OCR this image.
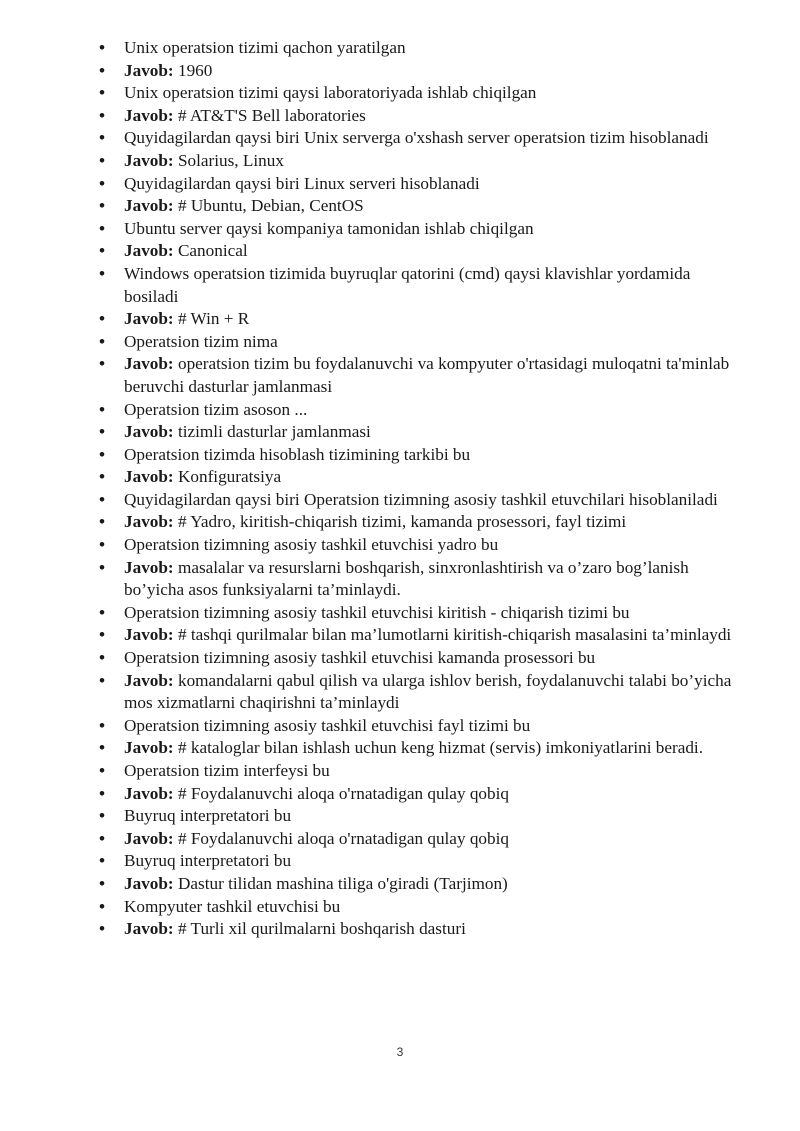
•	Unix operatsion tizimi qachon yaratilgan
•	Javob: 1960
•	Unix operatsion tizimi qaysi laboratoriyada ishlab chiqilgan
•	Javob: # AT&T'S Bell laboratories
•	Quyidagilardan qaysi biri Unix serverga o'xshash server operatsion tizim hisoblanadi
•	Javob: Solarius, Linux
•	Quyidagilardan qaysi biri Linux serveri hisoblanadi
•	Javob: # Ubuntu, Debian, CentOS
•	Ubuntu server qaysi kompaniya tamonidan ishlab chiqilgan
•	Javob: Canonical
•	Windows operatsion tizimida buyruqlar qatorini (cmd) qaysi klavishlar yordamida bosiladi
•	Javob: # Win + R
•	Operatsion tizim nima
•	Javob: operatsion tizim bu foydalanuvchi va kompyuter o'rtasidagi muloqatni ta'minlab beruvchi dasturlar jamlanmasi
•	Operatsion tizim asoson ...
•	Javob: tizimli dasturlar jamlanmasi
•	Operatsion tizimda hisoblash tizimining tarkibi bu
•	Javob: Konfiguratsiya
•	Quyidagilardan qaysi biri Operatsion tizimning asosiy tashkil etuvchilari hisoblaniladi
•	Javob: # Yadro, kiritish-chiqarish tizimi, kamanda prosessori, fayl tizimi
•	Operatsion tizimning asosiy tashkil etuvchisi yadro bu
•	Javob: masalalar va resurslarni boshqarish, sinxronlashtirish va o’zaro bog’lanish bo’yicha asos funksiyalarni ta’minlaydi.
•	Operatsion tizimning asosiy tashkil etuvchisi kiritish - chiqarish tizimi bu
•	Javob: # tashqi qurilmalar bilan ma’lumotlarni kiritish-chiqarish masalasini ta’minlaydi
•	Operatsion tizimning asosiy tashkil etuvchisi kamanda prosessori bu
•	Javob: komandalarni qabul qilish va ularga ishlov berish, foydalanuvchi talabi bo’yicha mos xizmatlarni chaqirishni ta’minlaydi
•	Operatsion tizimning asosiy tashkil etuvchisi fayl tizimi bu
•	Javob: # kataloglar bilan ishlash uchun keng hizmat (servis) imkoniyatlarini beradi.
•	Operatsion tizim interfeysi bu
•	Javob: # Foydalanuvchi aloqa o'rnatadigan qulay qobiq
•	Buyruq interpretatori bu
•	Javob: # Foydalanuvchi aloqa o'rnatadigan qulay qobiq
•	Buyruq interpretatori bu
•	Javob: Dastur tilidan mashina tiliga o'giradi (Tarjimon)
•	Kompyuter tashkil etuvchisi bu
•	Javob: # Turli xil qurilmalarni boshqarish dasturi
3
